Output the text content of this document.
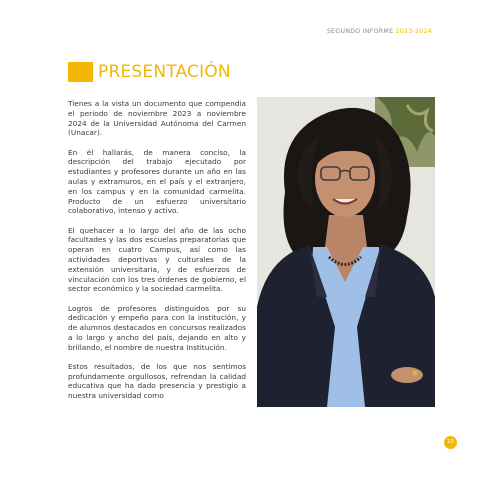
SEGUNDO INFORME 2023-2024
PRESENTACIÓN

Tienes a la vista un documento que compendia el periodo de noviembre 2023 a noviembre 2024 de la Universidad Autónoma del Carmen (Unacar).

En él hallarás, de manera conciso, la descripción del trabajo ejecutado por estudiantes y profesores durante un año en las aulas y extramuros, en el país y el extranjero, en los campus y en la comunidad carmelita. Producto de un esfuerzo universitario colaborativo, intenso y activo.

El quehacer a lo largo del año de las ocho facultades y las dos escuelas preparatorias que operan en cuatro Campus, así como las actividades deportivas y culturales de la extensión universitaria, y de esfuerzos de vinculación con los tres órdenes de gobierno, el sector económico y la sociedad carmelita.

Logros de profesores distinguidos por su dedicación y empeño para con la institución, y de alumnos destacados en concursos realizados a lo largo y ancho del país, dejando en alto y brillando, el nombre de nuestra Institución.

Estos resultados, de los que nos sentimos profundamente orgullosos, refrendan la calidad educativa que ha dado presencia y prestigio a nuestra universidad como

15
